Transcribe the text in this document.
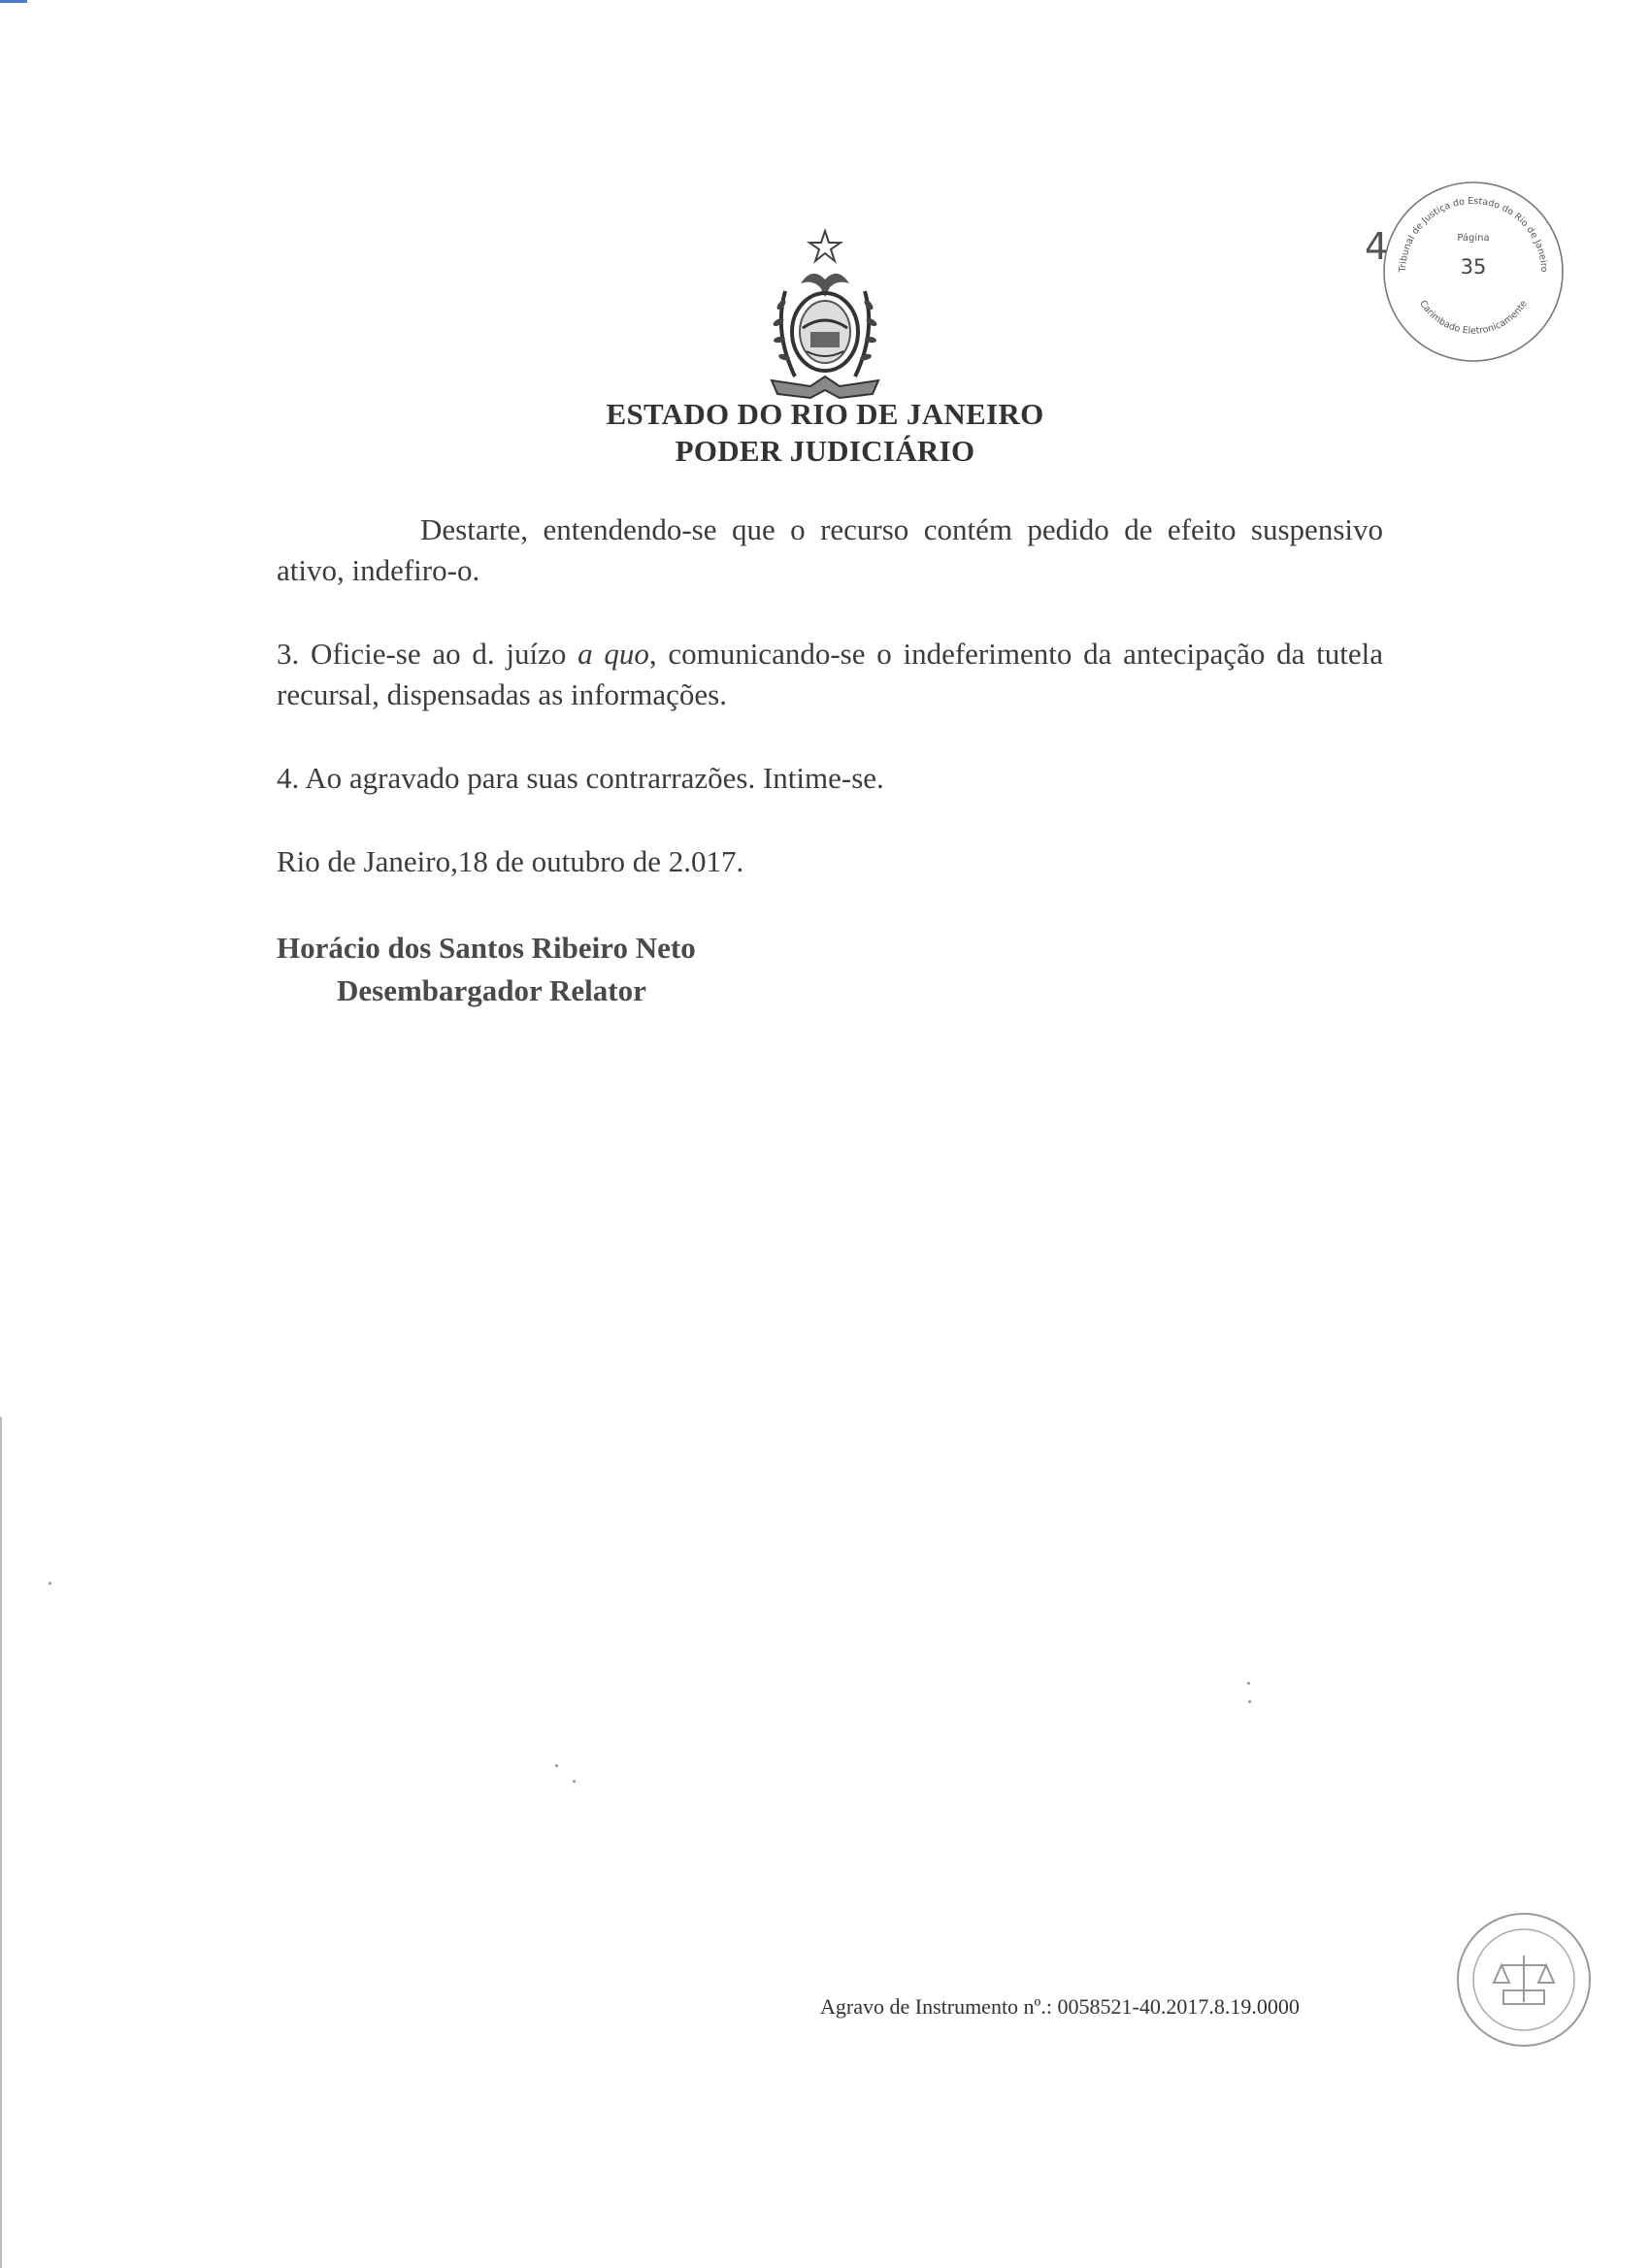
Tribunal de Justiça do Estado do Rio de Janeiro
Carimbado Eletronicamente
Página
35
4
ESTADO DO RIO DE JANEIRO
PODER JUDICIÁRIO

Destarte, entendendo-se que o recurso contém pedido de efeito suspensivo ativo, indefiro-o.

3. Oficie-se ao d. juízo a quo, comunicando-se o indeferimento da antecipação da tutela recursal, dispensadas as informações.

4. Ao agravado para suas contrarrazões. Intime-se.

Rio de Janeiro,18 de outubro de 2.017.

Horácio dos Santos Ribeiro Neto
Desembargador Relator
Agravo de Instrumento nº.: 0058521-40.2017.8.19.0000
